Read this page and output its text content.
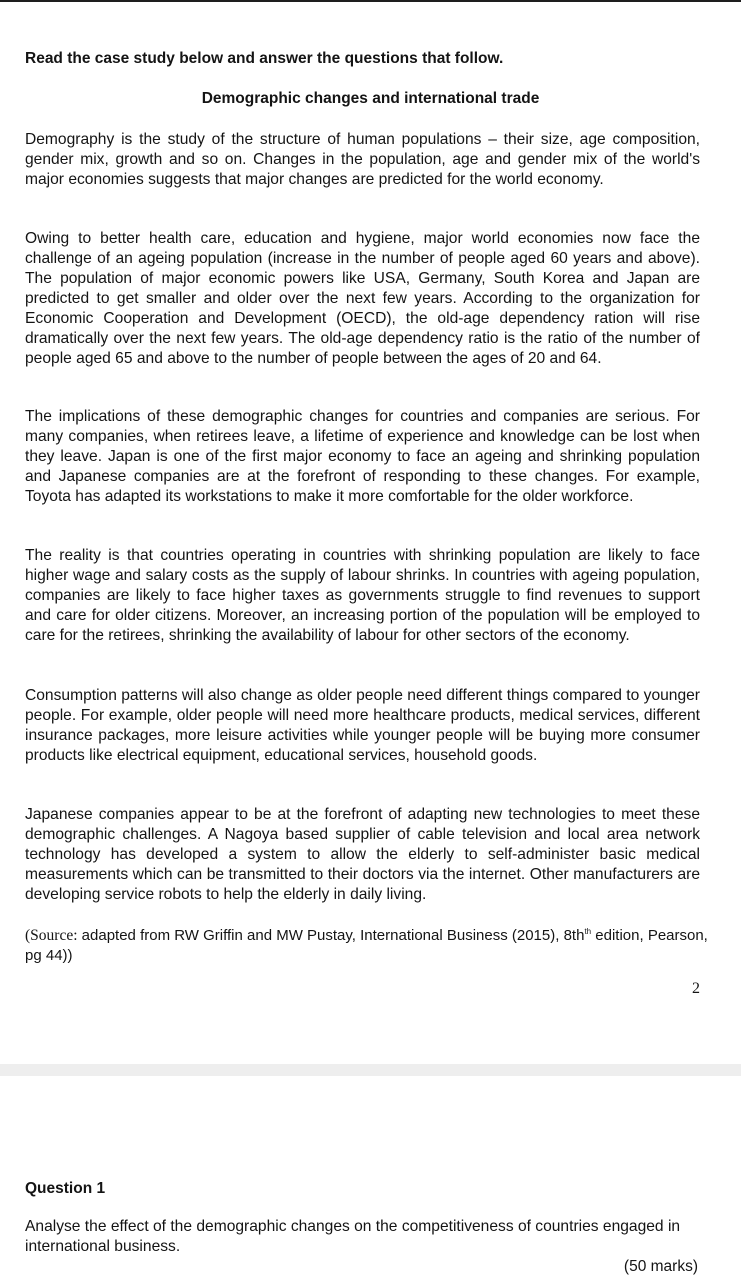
Read the case study below and answer the questions that follow.
Demographic changes and international trade

Demography is the study of the structure of human populations – their size, age composition, gender mix, growth and so on. Changes in the population, age and gender mix of the world's major economies suggests that major changes are predicted for the world economy.

Owing to better health care, education and hygiene, major world economies now face the challenge of an ageing population (increase in the number of people aged 60 years and above). The population of major economic powers like USA, Germany, South Korea and Japan are predicted to get smaller and older over the next few years. According to the organization for Economic Cooperation and Development (OECD), the old-age dependency ration will rise dramatically over the next few years. The old-age dependency ratio is the ratio of the number of people aged 65 and above to the number of people between the ages of 20 and 64.

The implications of these demographic changes for countries and companies are serious. For many companies, when retirees leave, a lifetime of experience and knowledge can be lost when they leave. Japan is one of the first major economy to face an ageing and shrinking population and Japanese companies are at the forefront of responding to these changes. For example, Toyota has adapted its workstations to make it more comfortable for the older workforce.

The reality is that countries operating in countries with shrinking population are likely to face higher wage and salary costs as the supply of labour shrinks. In countries with ageing population, companies are likely to face higher taxes as governments struggle to find revenues to support and care for older citizens. Moreover, an increasing portion of the population will be employed to care for the retirees, shrinking the availability of labour for other sectors of the economy.

Consumption patterns will also change as older people need different things compared to younger people. For example, older people will need more healthcare products, medical services, different insurance packages, more leisure activities while younger people will be buying more consumer products like electrical equipment, educational services, household goods.

Japanese companies appear to be at the forefront of adapting new technologies to meet these demographic challenges. A Nagoya based supplier of cable television and local area network technology has developed a system to allow the elderly to self-administer basic medical measurements which can be transmitted to their doctors via the internet. Other manufacturers are developing service robots to help the elderly in daily living.

(Source: adapted from RW Griffin and MW Pustay, International Business (2015), $8th^{th}$ edition, Pearson, pg 44))

2
Question 1

Analyse the effect of the demographic changes on the competitiveness of countries engaged in international business.

(50 marks)
